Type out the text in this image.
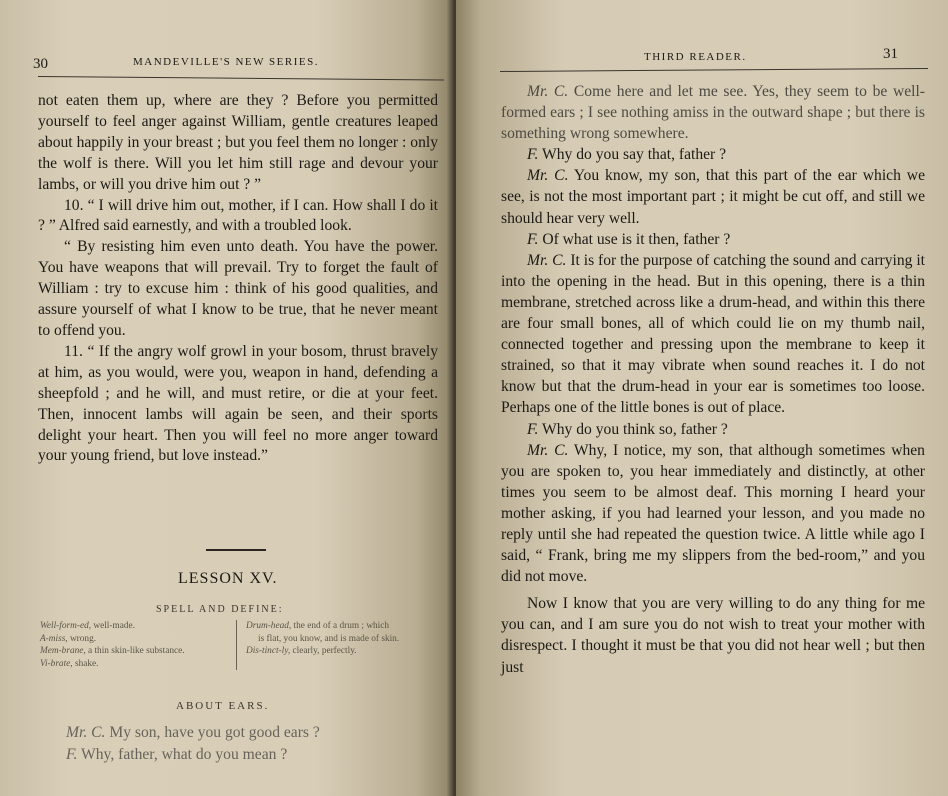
30	MANDEVILLE'S NEW SERIES.

not eaten them up, where are they ? Before you permitted yourself to feel anger against William, gentle creatures leaped about happily in your breast ; but you feel them no longer : only the wolf is there. Will you let him still rage and devour your lambs, or will you drive him out ? ”

10. “ I will drive him out, mother, if I can. How shall I do it ? ” Alfred said earnestly, and with a troubled look.

“ By resisting him even unto death. You have the power. You have weapons that will prevail. Try to forget the fault of William : try to excuse him : think of his good qualities, and assure yourself of what I know to be true, that he never meant to offend you.

11. “ If the angry wolf growl in your bosom, thrust bravely at him, as you would, were you, weapon in hand, defending a sheepfold ; and he will, and must retire, or die at your feet. Then, innocent lambs will again be seen, and their sports delight your heart. Then you will feel no more anger toward your young friend, but love instead.”

LESSON XV.
SPELL AND DEFINE:
Well-form-ed, well-made.
A-miss, wrong.
Mem-brane, a thin skin-like substance.
Vi-brate, shake.
Drum-head, the end of a drum ; which
is flat, you know, and is made of skin.
Dis-tinct-ly, clearly, perfectly.
ABOUT EARS.

Mr. C. My son, have you got good ears ?

F. Why, father, what do you mean ?

THIRD READER.	31

Mr. C. Come here and let me see. Yes, they seem to be well-formed ears ; I see nothing amiss in the outward shape ; but there is something wrong somewhere.

F. Why do you say that, father ?

Mr. C. You know, my son, that this part of the ear which we see, is not the most important part ; it might be cut off, and still we should hear very well.

F. Of what use is it then, father ?

Mr. C. It is for the purpose of catching the sound and carrying it into the opening in the head. But in this opening, there is a thin membrane, stretched across like a drum-head, and within this there are four small bones, all of which could lie on my thumb nail, connected together and pressing upon the membrane to keep it strained, so that it may vibrate when sound reaches it. I do not know but that the drum-head in your ear is sometimes too loose. Perhaps one of the little bones is out of place.

F. Why do you think so, father ?

Mr. C. Why, I notice, my son, that although sometimes when you are spoken to, you hear immediately and distinctly, at other times you seem to be almost deaf. This morning I heard your mother asking, if you had learned your lesson, and you made no reply until she had repeated the question twice. A little while ago I said, “ Frank, bring me my slippers from the bed-room,” and you did not move.

Now I know that you are very willing to do any thing for me you can, and I am sure you do not wish to treat your mother with disrespect. I thought it must be that you did not hear well ; but then just
